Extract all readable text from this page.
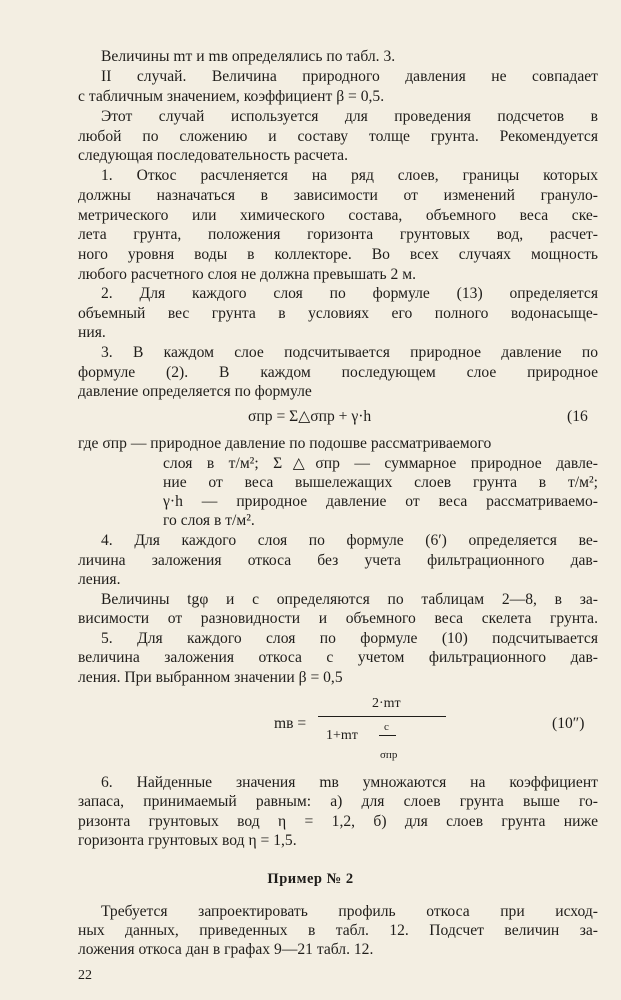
Величины mт и mв определялись по табл. 3.
II случай. Величина природного давления не совпадает
с табличным значением, коэффициент β = 0,5.
Этот случай используется для проведения подсчетов в
любой по сложению и составу толще грунта. Рекомендуется
следующая последовательность расчета.
1. Откос расчленяется на ряд слоев, границы которых
должны назначаться в зависимости от изменений грануло-
метрического или химического состава, объемного веса ске-
лета грунта, положения горизонта грунтовых вод, расчет-
ного уровня воды в коллекторе. Во всех случаях мощность
любого расчетного слоя не должна превышать 2 м.
2. Для каждого слоя по формуле (13) определяется
объемный вес грунта в условиях его полного водонасыще-
ния.
3. В каждом слое подсчитывается природное давление по
формуле (2). В каждом последующем слое природное
давление определяется по формуле
σпр = Σ△σпр + γ·h	(16
где σпр — природное давление по подошве рассматриваемого
слоя в т/м²; Σ△σпр — суммарное природное давле-
ние от веса вышележащих слоев грунта в т/м²;
γ·h — природное давление от веса рассматриваемо-
го слоя в т/м².
4. Для каждого слоя по формуле (6′) определяется ве-
личина заложения откоса без учета фильтрационного дав-
ления.
Величины tgφ и с определяются по таблицам 2—8, в за-
висимости от разновидности и объемного веса скелета грунта.
5. Для каждого слоя по формуле (10) подсчитывается
величина заложения откоса с учетом фильтрационного дав-
ления. При выбранном значении β = 0,5
mв =
2·mт
1+mт
c
σпр
(10″)
6. Найденные значения mв умножаются на коэффициент
запаса, принимаемый равным: а) для слоев грунта выше го-
ризонта грунтовых вод η = 1,2, б) для слоев грунта ниже
горизонта грунтовых вод η = 1,5.
Пример № 2
Требуется запроектировать профиль откоса при исход-
ных данных, приведенных в табл. 12. Подсчет величин за-
ложения откоса дан в графах 9—21 табл. 12.
22
